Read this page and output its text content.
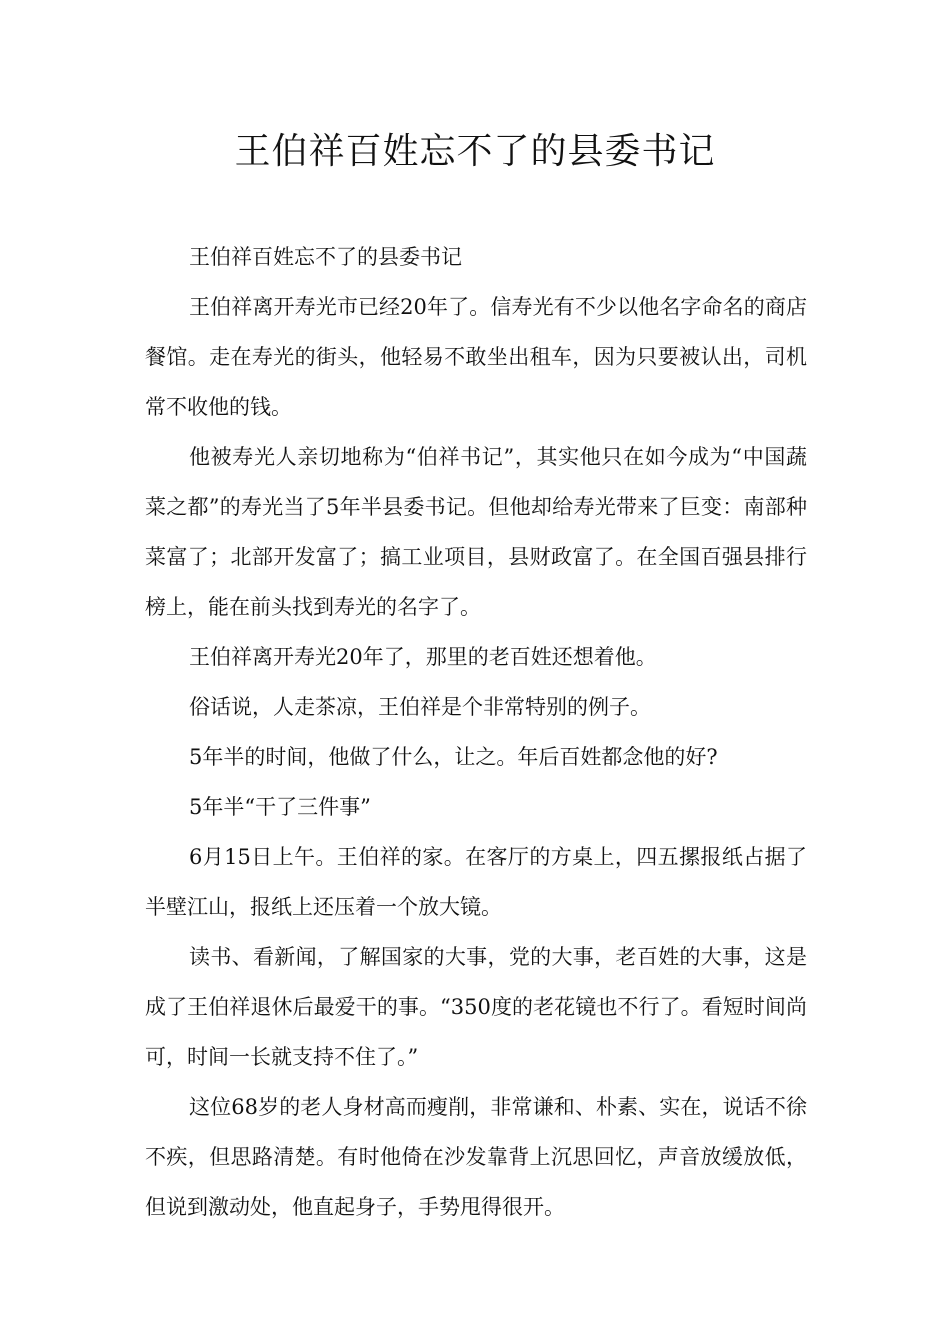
王伯祥百姓忘不了的县委书记

王伯祥百姓忘不了的县委书记

王伯祥离开寿光市已经20年了。信寿光有不少以他名字命名的商店餐馆。走在寿光的街头，他轻易不敢坐出租车，因为只要被认出，司机常不收他的钱。

他被寿光人亲切地称为“伯祥书记”，其实他只在如今成为“中国蔬菜之都”的寿光当了5年半县委书记。但他却给寿光带来了巨变：南部种菜富了；北部开发富了；搞工业项目，县财政富了。在全国百强县排行榜上，能在前头找到寿光的名字了。

王伯祥离开寿光20年了，那里的老百姓还想着他。

俗话说，人走茶凉，王伯祥是个非常特别的例子。

5年半的时间，他做了什么，让之。年后百姓都念他的好?

5年半“干了三件事”

6月15日上午。王伯祥的家。在客厅的方桌上，四五摞报纸占据了半壁江山，报纸上还压着一个放大镜。

读书、看新闻，了解国家的大事，党的大事，老百姓的大事，这是成了王伯祥退休后最爱干的事。“350度的老花镜也不行了。看短时间尚可，时间一长就支持不住了。”

这位68岁的老人身材高而瘦削，非常谦和、朴素、实在，说话不徐不疾，但思路清楚。有时他倚在沙发靠背上沉思回忆，声音放缓放低，但说到激动处，他直起身子，手势甩得很开。
